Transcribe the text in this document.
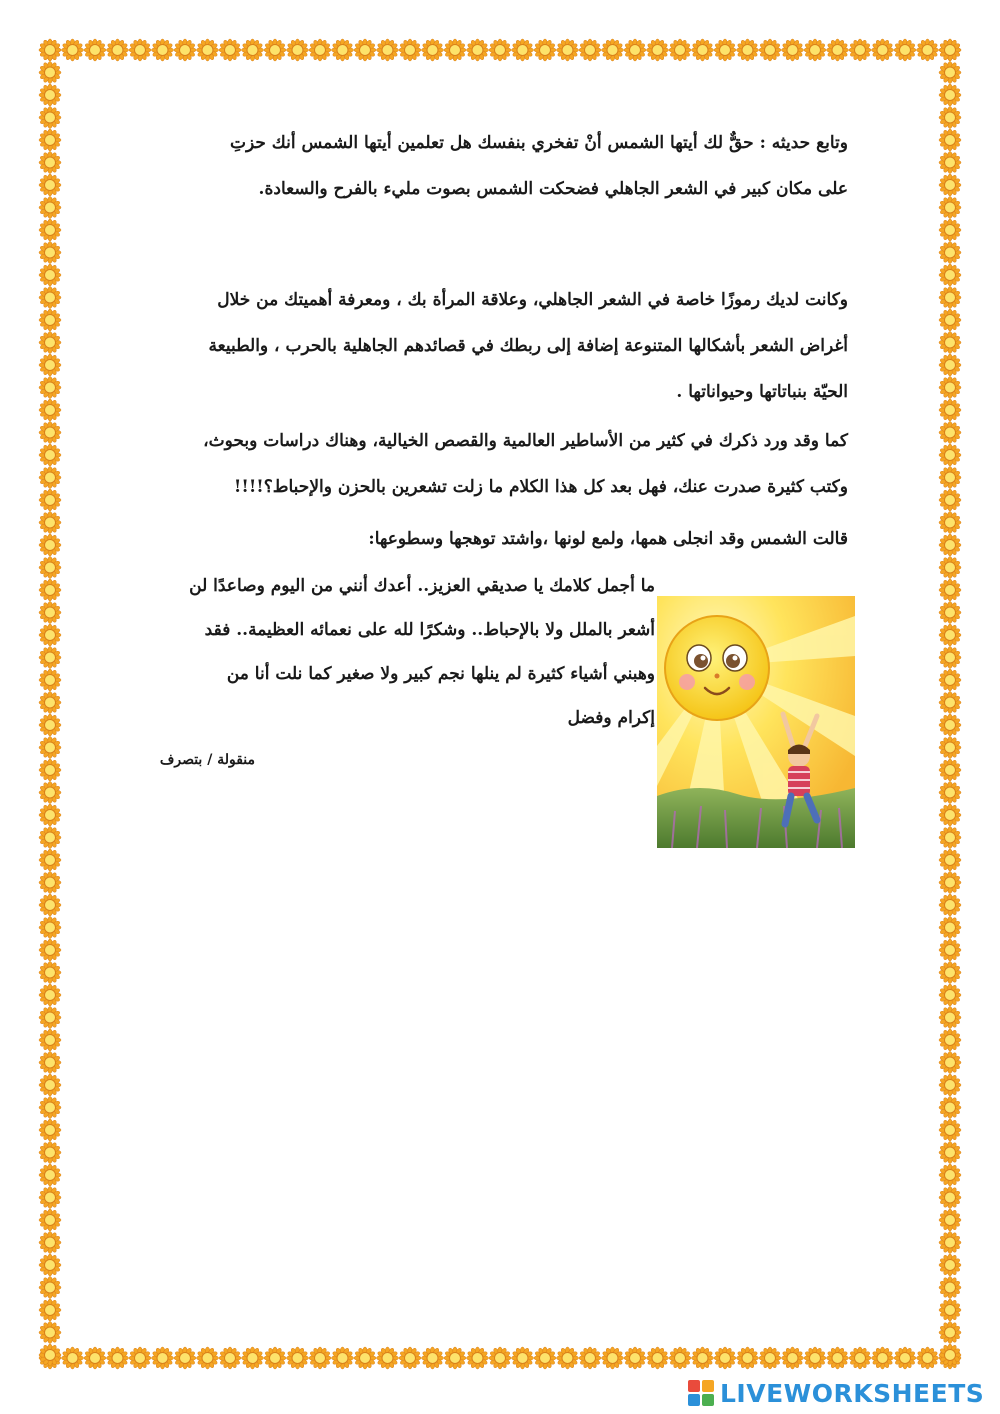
وتابع حديثه : حقٌّ لك أيتها الشمس أنْ تفخري بنفسك هل تعلمين أيتها الشمس أنك حزتِ
على مكان كبير في الشعر الجاهلي فضحكت الشمس بصوت مليء بالفرح والسعادة.
وكانت لديك رموزًا خاصة في الشعر الجاهلي، وعلاقة المرأة بك ، ومعرفة أهميتك من خلال
أغراض الشعر بأشكالها المتنوعة إضافة إلى ربطك في قصائدهم الجاهلية بالحرب ، والطبيعة
الحيّة بنباتاتها وحيواناتها .
كما وقد ورد ذكرك في كثير من الأساطير العالمية والقصص الخيالية، وهناك دراسات وبحوث،
وكتب كثيرة صدرت عنك، فهل بعد كل هذا الكلام ما زلت تشعرين بالحزن والإحباط؟!!!!
قالت الشمس وقد انجلى همها، ولمع لونها ،واشتد توهجها وسطوعها:
ما أجمل كلامك يا صديقي العزيز.. أعدك أنني من اليوم وصاعدًا لن
أشعر بالملل ولا بالإحباط.. وشكرًا لله على نعمائه العظيمة.. فقد
وهبني أشياء كثيرة لم ينلها نجم كبير ولا صغير كما نلت أنا من
إكرام وفضل
منقولة / بتصرف
LIVEWORKSHEETS
